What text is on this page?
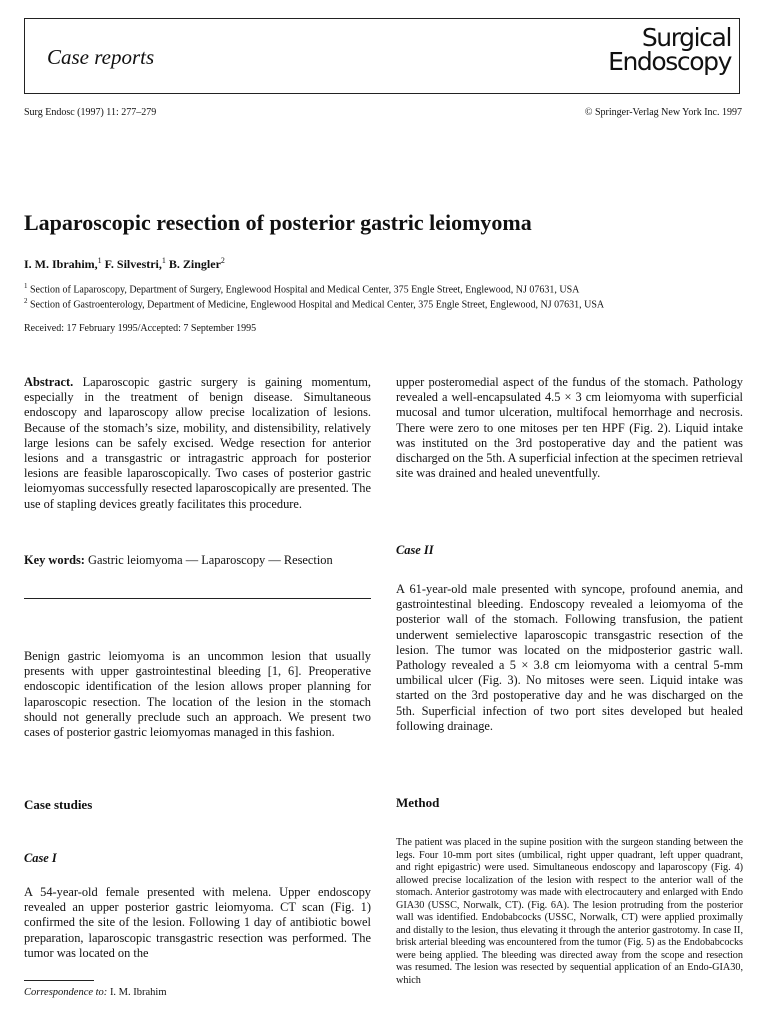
Case reports
Surgical
Endoscopy
Surg Endosc (1997) 11: 277–279	© Springer-Verlag New York Inc. 1997
Laparoscopic resection of posterior gastric leiomyoma
I. M. Ibrahim,$^1$ F. Silvestri,$^1$ B. Zingler$^2$
$^1$ Section of Laparoscopy, Department of Surgery, Englewood Hospital and Medical Center, 375 Engle Street, Englewood, NJ 07631, USA
$^2$ Section of Gastroenterology, Department of Medicine, Englewood Hospital and Medical Center, 375 Engle Street, Englewood, NJ 07631, USA
Received: 17 February 1995/Accepted: 7 September 1995

Abstract. Laparoscopic gastric surgery is gaining momentum, especially in the treatment of benign disease. Simultaneous endoscopy and laparoscopy allow precise localization of lesions. Because of the stomach’s size, mobility, and distensibility, relatively large lesions can be safely excised. Wedge resection for anterior lesions and a transgastric or intragastric approach for posterior lesions are feasible laparoscopically. Two cases of posterior gastric leiomyomas successfully resected laparoscopically are presented. The use of stapling devices greatly facilitates this procedure.

Key words: Gastric leiomyoma — Laparoscopy — Resection

Benign gastric leiomyoma is an uncommon lesion that usually presents with upper gastrointestinal bleeding [1, 6]. Preoperative endoscopic identification of the lesion allows proper planning for laparoscopic resection. The location of the lesion in the stomach should not generally preclude such an approach. We present two cases of posterior gastric leiomyomas managed in this fashion.

Case studies
Case I

A 54-year-old female presented with melena. Upper endoscopy revealed an upper posterior gastric leiomyoma. CT scan (Fig. 1) confirmed the site of the lesion. Following 1 day of antibiotic bowel preparation, laparoscopic transgastric resection was performed. The tumor was located on the

Correspondence to: I. M. Ibrahim

upper posteromedial aspect of the fundus of the stomach. Pathology revealed a well-encapsulated 4.5 × 3 cm leiomyoma with superficial mucosal and tumor ulceration, multifocal hemorrhage and necrosis. There were zero to one mitoses per ten HPF (Fig. 2). Liquid intake was instituted on the 3rd postoperative day and the patient was discharged on the 5th. A superficial infection at the specimen retrieval site was drained and healed uneventfully.

Case II

A 61-year-old male presented with syncope, profound anemia, and gastrointestinal bleeding. Endoscopy revealed a leiomyoma of the posterior wall of the stomach. Following transfusion, the patient underwent semielective laparoscopic transgastric resection of the lesion. The tumor was located on the midposterior gastric wall. Pathology revealed a 5 × 3.8 cm leiomyoma with a central 5-mm umbilical ulcer (Fig. 3). No mitoses were seen. Liquid intake was started on the 3rd postoperative day and he was discharged on the 5th. Superficial infection of two port sites developed but healed following drainage.

Method

The patient was placed in the supine position with the surgeon standing between the legs. Four 10-mm port sites (umbilical, right upper quadrant, left upper quadrant, and right epigastric) were used. Simultaneous endoscopy and laparoscopy (Fig. 4) allowed precise localization of the lesion with respect to the anterior wall of the stomach. Anterior gastrotomy was made with electrocautery and enlarged with Endo GIA30 (USSC, Norwalk, CT). (Fig. 6A). The lesion protruding from the posterior wall was identified. Endobabcocks (USSC, Norwalk, CT) were applied proximally and distally to the lesion, thus elevating it through the anterior gastrotomy. In case II, brisk arterial bleeding was encountered from the tumor (Fig. 5) as the Endobabcocks were being applied. The bleeding was directed away from the scope and resection was resumed. The lesion was resected by sequential application of an Endo-GIA30, which
